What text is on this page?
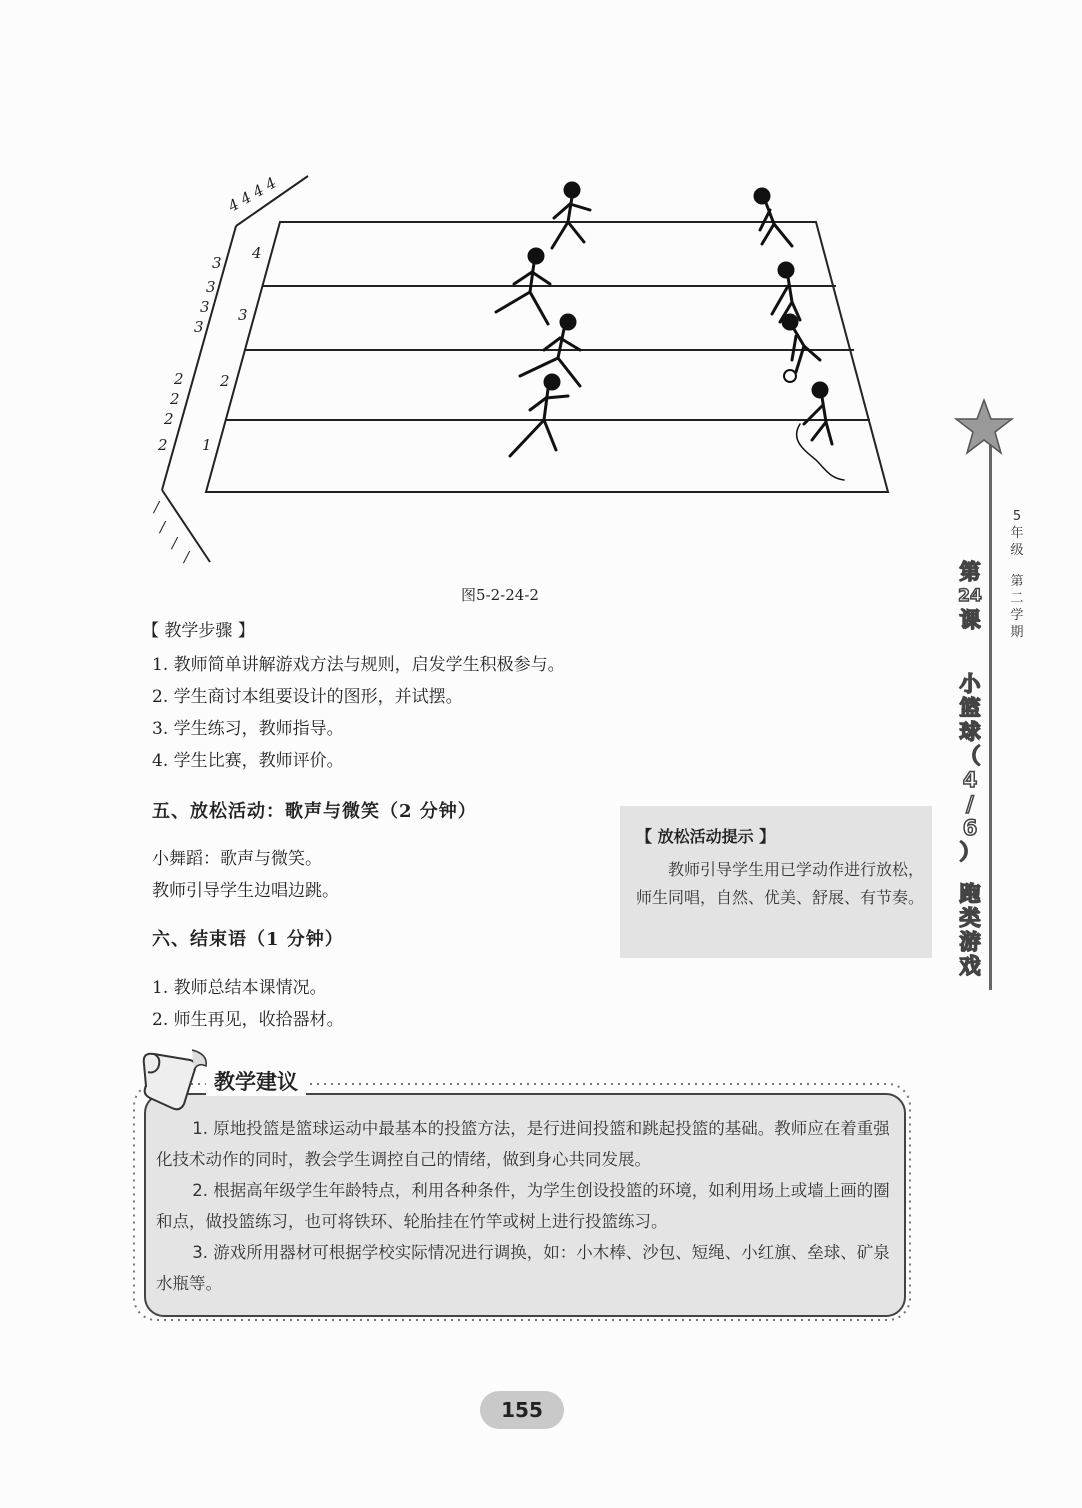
4 4 4 4
4
3
3
3
3
3
2
2
2
2
2
1
/
/
/
/
图5-2-24-2
【 教学步骤 】
1. 教师简单讲解游戏方法与规则，启发学生积极参与。
2. 学生商讨本组要设计的图形，并试摆。
3. 学生练习，教师指导。
4. 学生比赛，教师评价。
五、放松活动：歌声与微笑（2 分钟）
小舞蹈：歌声与微笑。
教师引导学生边唱边跳。
六、结束语（1 分钟）
1. 教师总结本课情况。
2. 师生再见，收拾器材。
【 放松活动提示 】
教师引导学生用已学动作进行放松，师生同唱，自然、优美、舒展、有节奏。
5
年
级
第
二
学
期
第
24
课
小
篮
球
（
4
/
6
）
跑
类
游
戏
教学建议
1. 原地投篮是篮球运动中最基本的投篮方法，是行进间投篮和跳起投篮的基础。教师应在着重强化技术动作的同时，教会学生调控自己的情绪，做到身心共同发展。
2. 根据高年级学生年龄特点，利用各种条件，为学生创设投篮的环境，如利用场上或墙上画的圈和点，做投篮练习，也可将铁环、轮胎挂在竹竿或树上进行投篮练习。
3. 游戏所用器材可根据学校实际情况进行调换，如：小木棒、沙包、短绳、小红旗、垒球、矿泉水瓶等。
155
